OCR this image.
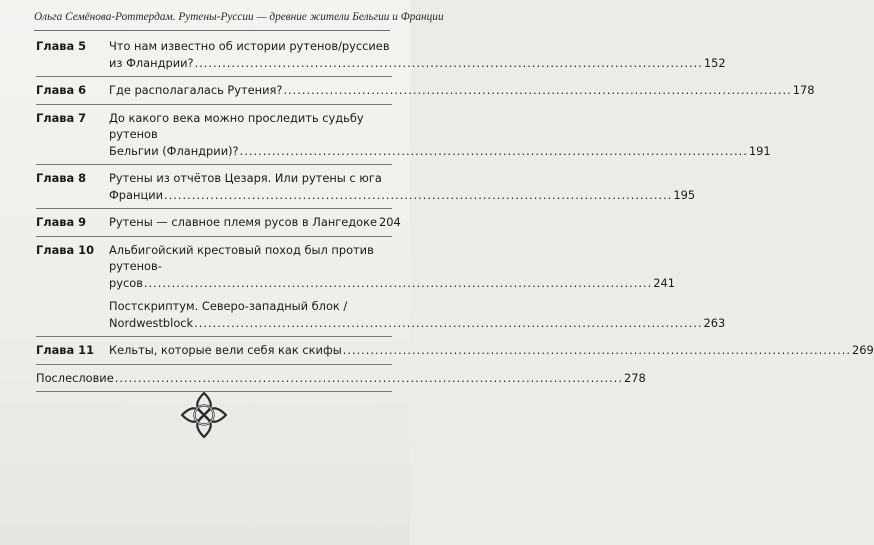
Ольга Семёнова-Роттердам. Рутены-Руссии — древние жители Бельгии и Франции
Глава 5	Что нам известно об истории рутенов/руссиев
из Фландрии? .............................................................................................................. 152
Глава 6	Где располагалась Рутения? .............................................................................................................. 178
Глава 7	До какого века можно проследить судьбу рутенов
Бельгии (Фландрии)? .............................................................................................................. 191
Глава 8	Рутены из отчётов Цезаря. Или рутены с юга
Франции .............................................................................................................. 195
Глава 9	Рутены — славное племя русов в Лангедоке 204
Глава 10	Альбигойский крестовый поход был против рутенов-
русов .............................................................................................................. 241
Постскриптум. Северо-западный блок /
Nordwestblock .............................................................................................................. 263
Глава 11	Кельты, которые вели себя как скифы .............................................................................................................. 269
Послесловие .............................................................................................................. 278
